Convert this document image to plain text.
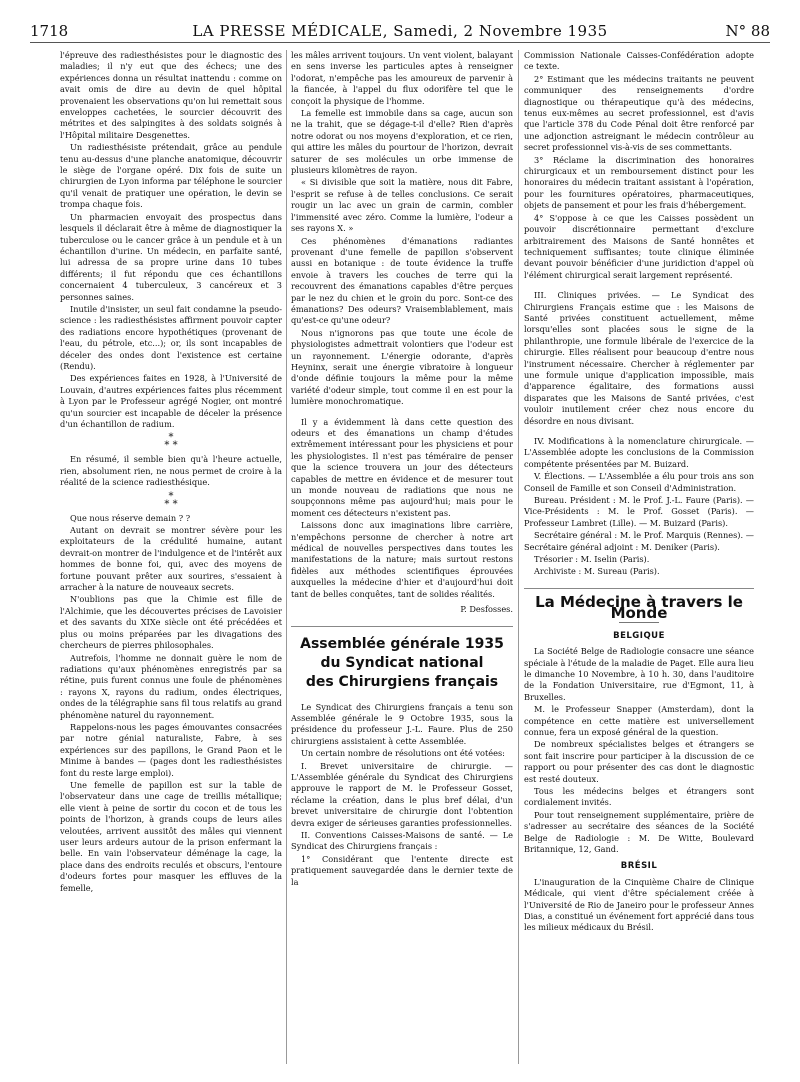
1718	LA PRESSE MÉDICALE, Samedi, 2 Novembre 1935	N° 88

l'épreuve des radiesthésistes pour le diagnostic des maladies; il n'y eut que des échecs; une des expériences donna un résultat inattendu : comme on avait omis de dire au devin de quel hôpital provenaient les observations qu'on lui remettait sous enveloppes cachetées, le sourcier découvrit des métrites et des salpingites à des soldats soignés à l'Hôpital militaire Desgenettes.

Un radiesthésiste prétendait, grâce au pendule tenu au-dessus d'une planche anatomique, découvrir le siège de l'organe opéré. Dix fois de suite un chirurgien de Lyon informa par téléphone le sourcier qu'il venait de pratiquer une opération, le devin se trompa chaque fois.

Un pharmacien envoyait des prospectus dans lesquels il déclarait être à même de diagnostiquer la tuberculose ou le cancer grâce à un pendule et à un échantillon d'urine. Un médecin, en parfaite santé, lui adressa de sa propre urine dans 10 tubes différents; il fut répondu que ces échantillons concernaient 4 tuberculeux, 3 cancéreux et 3 personnes saines.

Inutile d'insister, un seul fait condamne la pseudo-science : les radiesthésistes affirment pouvoir capter des radiations encore hypothétiques (provenant de l'eau, du pétrole, etc...); or, ils sont incapables de déceler des ondes dont l'existence est certaine (Rendu).

Des expériences faites en 1928, à l'Université de Louvain, d'autres expériences faites plus récemment à Lyon par le Professeur agrégé Nogier, ont montré qu'un sourcier est incapable de déceler la présence d'un échantillon de radium.

*
* *

En résumé, il semble bien qu'à l'heure actuelle, rien, absolument rien, ne nous permet de croire à la réalité de la science radiesthésique.

*
* *

Que nous réserve demain ? ?

Autant on devrait se montrer sévère pour les exploitateurs de la crédulité humaine, autant devrait-on montrer de l'indulgence et de l'intérêt aux hommes de bonne foi, qui, avec des moyens de fortune pouvant prêter aux sourires, s'essaient à arracher à la nature de nouveaux secrets.

N'oublions pas que la Chimie est fille de l'Alchimie, que les découvertes précises de Lavoisier et des savants du XIXe siècle ont été précédées et plus ou moins préparées par les divagations des chercheurs de pierres philosophales.

Autrefois, l'homme ne donnait guère le nom de radiations qu'aux phénomènes enregistrés par sa rétine, puis furent connus une foule de phénomènes : rayons X, rayons du radium, ondes électriques, ondes de la télégraphie sans fil tous relatifs au grand phénomène naturel du rayonnement.

Rappelons-nous les pages émouvantes consacrées par notre génial naturaliste, Fabre, à ses expériences sur des papillons, le Grand Paon et le Minime à bandes — (pages dont les radiesthésistes font du reste large emploi).

Une femelle de papillon est sur la table de l'observateur dans une cage de treillis métallique; elle vient à peine de sortir du cocon et de tous les points de l'horizon, à grands coups de leurs ailes veloutées, arrivent aussitôt des mâles qui viennent user leurs ardeurs autour de la prison enfermant la belle. En vain l'observateur déménage la cage, la place dans des endroits reculés et obscurs, l'entoure d'odeurs fortes pour masquer les effluves de la femelle,

les mâles arrivent toujours. Un vent violent, balayant en sens inverse les particules aptes à renseigner l'odorat, n'empêche pas les amoureux de parvenir à la fiancée, à l'appel du flux odorifère tel que le conçoit la physique de l'homme.

La femelle est immobile dans sa cage, aucun son ne la trahit, que se dégage-t-il d'elle? Rien d'après notre odorat ou nos moyens d'exploration, et ce rien, qui attire les mâles du pourtour de l'horizon, devrait saturer de ses molécules un orbe immense de plusieurs kilomètres de rayon.

« Si divisible que soit la matière, nous dit Fabre, l'esprit se refuse à de telles conclusions. Ce serait rougir un lac avec un grain de carmin, combler l'immensité avec zéro. Comme la lumière, l'odeur a ses rayons X. »

Ces phénomènes d'émanations radiantes provenant d'une femelle de papillon s'observent aussi en botanique : de toute évidence la truffe envoie à travers les couches de terre qui la recouvrent des émanations capables d'être perçues par le nez du chien et le groin du porc. Sont-ce des émanations? Des odeurs? Vraisemblablement, mais qu'est-ce qu'une odeur?

Nous n'ignorons pas que toute une école de physiologistes admettrait volontiers que l'odeur est un rayonnement. L'énergie odorante, d'après Heyninx, serait une énergie vibratoire à longueur d'onde définie toujours la même pour la même variété d'odeur simple, tout comme il en est pour la lumière monochromatique.

Il y a évidemment là dans cette question des odeurs et des émanations un champ d'études extrêmement intéressant pour les physiciens et pour les physiologistes. Il n'est pas téméraire de penser que la science trouvera un jour des détecteurs capables de mettre en évidence et de mesurer tout un monde nouveau de radiations que nous ne soupçonnons même pas aujourd'hui; mais pour le moment ces détecteurs n'existent pas.

Laissons donc aux imaginations libre carrière, n'empêchons personne de chercher à notre art médical de nouvelles perspectives dans toutes les manifestations de la nature; mais surtout restons fidèles aux méthodes scientifiques éprouvées auxquelles la médecine d'hier et d'aujourd'hui doit tant de belles conquêtes, tant de solides réalités.

P. Desfosses.
Assemblée générale 1935
du Syndicat national
des Chirurgiens français

Le Syndicat des Chirurgiens français a tenu son Assemblée générale le 9 Octobre 1935, sous la présidence du professeur J.-L. Faure. Plus de 250 chirurgiens assistaient à cette Assemblée.

Un certain nombre de résolutions ont été votées:

I. Brevet universitaire de chirurgie. — L'Assemblée générale du Syndicat des Chirurgiens approuve le rapport de M. le Professeur Gosset, réclame la création, dans le plus bref délai, d'un brevet universitaire de chirurgie dont l'obtention devra exiger de sérieuses garanties professionnelles.

II. Conventions Caisses-Maisons de santé. — Le Syndicat des Chirurgiens français :

1° Considérant que l'entente directe est pratiquement sauvegardée dans le dernier texte de la

Commission Nationale Caisses-Confédération adopte ce texte.

2° Estimant que les médecins traitants ne peuvent communiquer des renseignements d'ordre diagnostique ou thérapeutique qu'à des médecins, tenus eux-mêmes au secret professionnel, est d'avis que l'article 378 du Code Pénal doit être renforcé par une adjonction astreignant le médecin contrôleur au secret professionnel vis-à-vis de ses commettants.

3° Réclame la discrimination des honoraires chirurgicaux et un remboursement distinct pour les honoraires du médecin traitant assistant à l'opération, pour les fournitures opératoires, pharmaceutiques, objets de pansement et pour les frais d'hébergement.

4° S'oppose à ce que les Caisses possèdent un pouvoir discrétionnaire permettant d'exclure arbitrairement des Maisons de Santé honnêtes et techniquement suffisantes; toute clinique éliminée devant pouvoir bénéficier d'une juridiction d'appel où l'élément chirurgical serait largement représenté.

III. Cliniques privées. — Le Syndicat des Chirurgiens Français estime que : les Maisons de Santé privées constituent actuellement, même lorsqu'elles sont placées sous le signe de la philanthropie, une formule libérale de l'exercice de la chirurgie. Elles réalisent pour beaucoup d'entre nous l'instrument nécessaire. Chercher à réglementer par une formule unique d'application impossible, mais d'apparence égalitaire, des formations aussi disparates que les Maisons de Santé privées, c'est vouloir inutilement créer chez nous encore du désordre en nous divisant.

IV. Modifications à la nomenclature chirurgicale. — L'Assemblée adopte les conclusions de la Commission compétente présentées par M. Buizard.

V. Élections. — L'Assemblée a élu pour trois ans son Conseil de Famille et son Conseil d'Administration.

Bureau. Président : M. le Prof. J.-L. Faure (Paris). — Vice-Présidents : M. le Prof. Gosset (Paris). — Professeur Lambret (Lille). — M. Buizard (Paris).

Secrétaire général : M. le Prof. Marquis (Rennes). — Secrétaire général adjoint : M. Deniker (Paris).

Trésorier : M. Iselin (Paris).

Archiviste : M. Sureau (Paris).

La Médecine à travers le Monde
BELGIQUE

La Société Belge de Radiologie consacre une séance spéciale à l'étude de la maladie de Paget. Elle aura lieu le dimanche 10 Novembre, à 10 h. 30, dans l'auditoire de la Fondation Universitaire, rue d'Egmont, 11, à Bruxelles.

M. le Professeur Snapper (Amsterdam), dont la compétence en cette matière est universellement connue, fera un exposé général de la question.

De nombreux spécialistes belges et étrangers se sont fait inscrire pour participer à la discussion de ce rapport ou pour présenter des cas dont le diagnostic est resté douteux.

Tous les médecins belges et étrangers sont cordialement invités.

Pour tout renseignement supplémentaire, prière de s'adresser au secrétaire des séances de la Société Belge de Radiologie : M. De Witte, Boulevard Britannique, 12, Gand.

BRÉSIL

L'inauguration de la Cinquième Chaire de Clinique Médicale, qui vient d'être spécialement créée à l'Université de Rio de Janeiro pour le professeur Annes Dias, a constitué un événement fort apprécié dans tous les milieux médicaux du Brésil.
